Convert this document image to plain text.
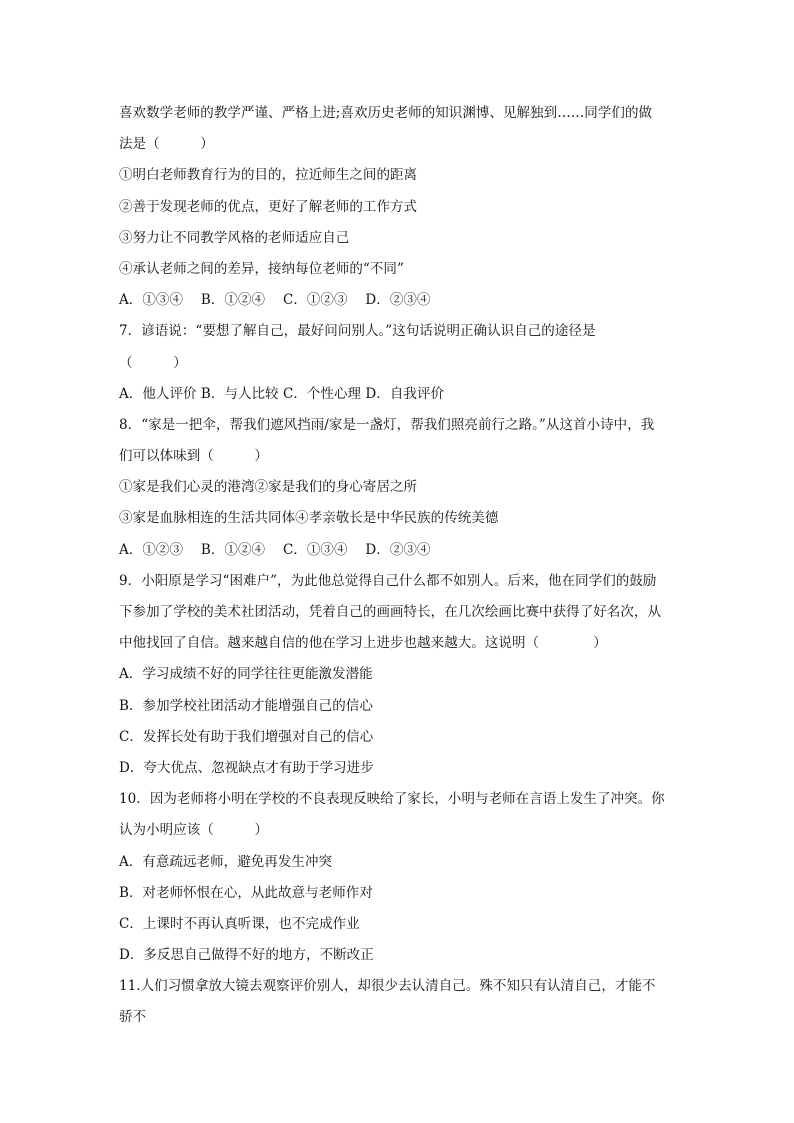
喜欢数学老师的教学严谨、严格上进;喜欢历史老师的知识渊博、见解独到……同学们的做
法是（　　　）
①明白老师教育行为的目的，拉近师生之间的距离
②善于发现老师的优点，更好了解老师的工作方式
③努力让不同教学风格的老师适应自己
④承认老师之间的差异，接纳每位老师的“不同”
A．①③④　 B．①②④　 C．①②③　 D．②③④
7．谚语说：“要想了解自己，最好问问别人。”这句话说明正确认识自己的途径是
（　　　）
A．他人评价 B．与人比较 C．个性心理 D．自我评价
8．“家是一把伞，帮我们遮风挡雨/家是一盏灯，帮我们照亮前行之路。”从这首小诗中，我
们可以体味到（　　　）
①家是我们心灵的港湾②家是我们的身心寄居之所
③家是血脉相连的生活共同体④孝亲敬长是中华民族的传统美德
A．①②③　 B．①②④　 C．①③④　 D．②③④
9．小阳原是学习“困难户”，为此他总觉得自己什么都不如别人。后来，他在同学们的鼓励
下参加了学校的美术社团活动，凭着自己的画画特长，在几次绘画比赛中获得了好名次，从
中他找回了自信。越来越自信的他在学习上进步也越来越大。这说明（　　　　）
A．学习成绩不好的同学往往更能激发潜能
B．参加学校社团活动才能增强自己的信心
C．发挥长处有助于我们增强对自己的信心
D．夸大优点、忽视缺点才有助于学习进步
10．因为老师将小明在学校的不良表现反映给了家长，小明与老师在言语上发生了冲突。你
认为小明应该（　　　）
A．有意疏远老师，避免再发生冲突
B．对老师怀恨在心，从此故意与老师作对
C．上课时不再认真听课，也不完成作业
D．多反思自己做得不好的地方，不断改正
11.人们习惯拿放大镜去观察评价别人，却很少去认清自己。殊不知只有认清自己，才能不
骄不
